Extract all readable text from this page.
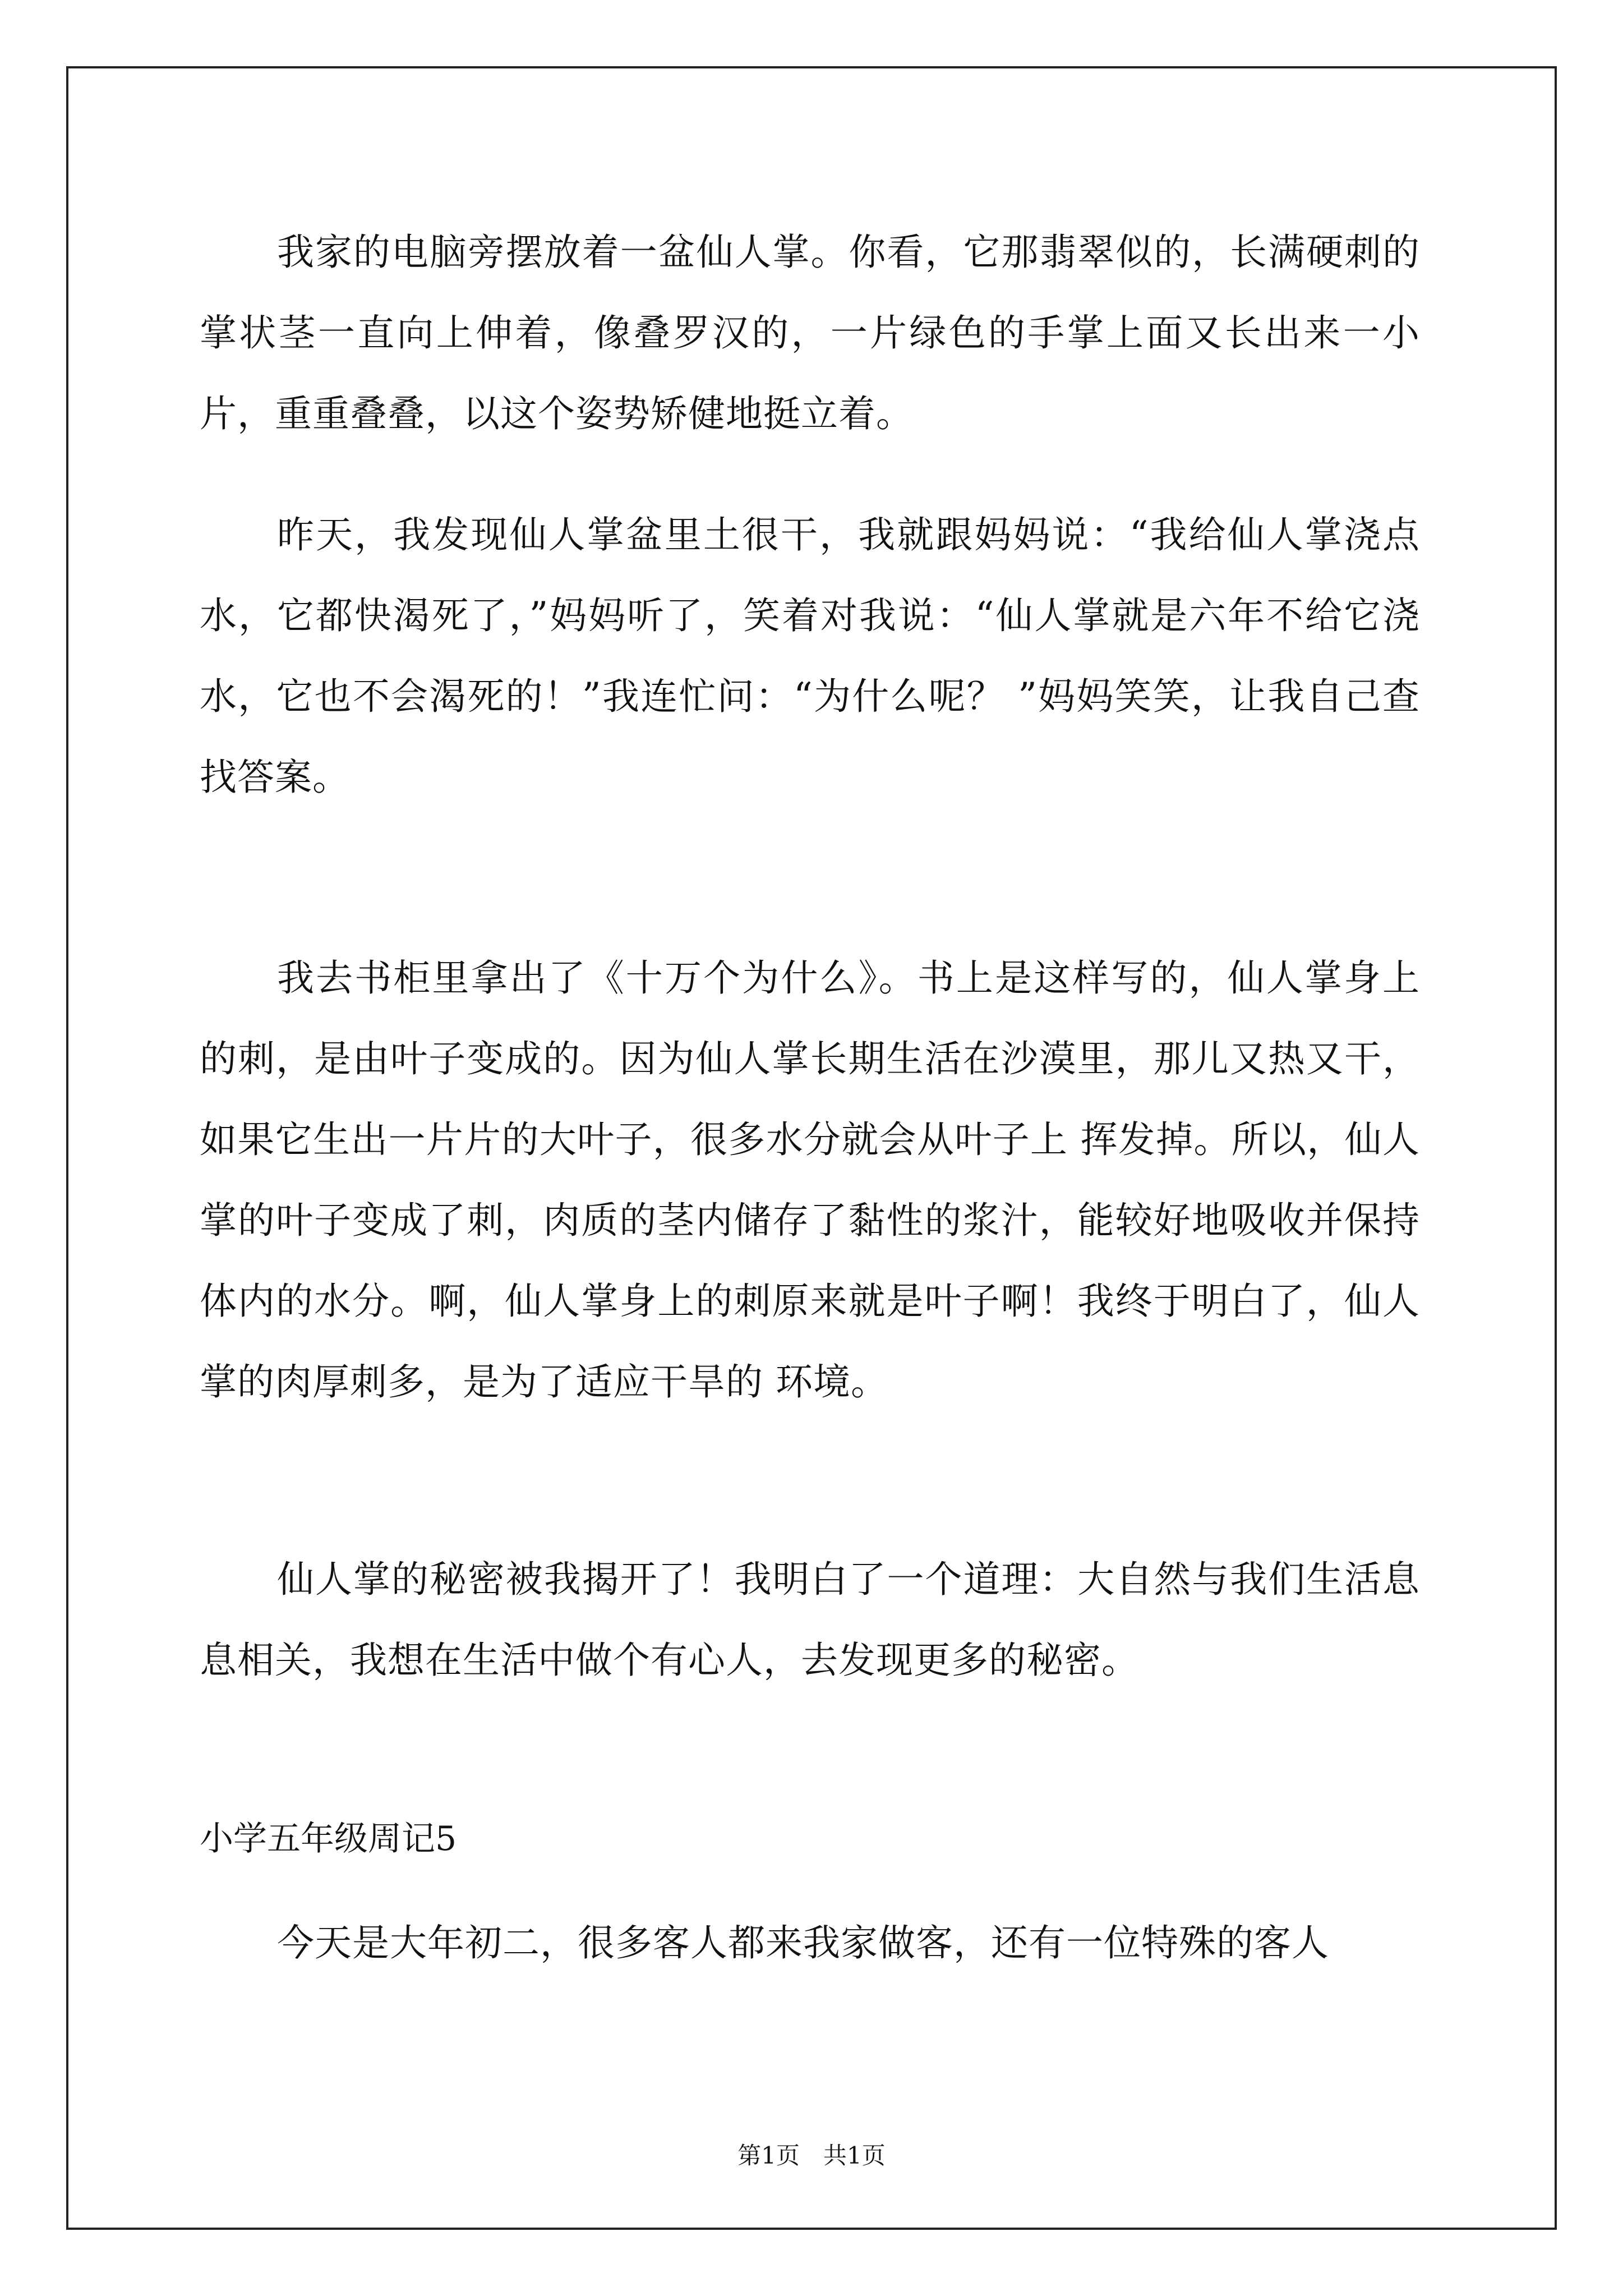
我家的电脑旁摆放着一盆仙人掌。你看，它那翡翠似的，长满硬刺的掌状茎一直向上伸着，像叠罗汉的，一片绿色的手掌上面又长出来一小片，重重叠叠，以这个姿势矫健地挺立着。

昨天，我发现仙人掌盆里土很干，我就跟妈妈说：“我给仙人掌浇点水，它都快渴死了，”妈妈听了，笑着对我说：“仙人掌就是六年不给它浇水，它也不会渴死的！”我连忙问：“为什么呢？ ”妈妈笑笑，让我自己查找答案。

我去书柜里拿出了《十万个为什么》。书上是这样写的，仙人掌身上的刺，是由叶子变成的。因为仙人掌长期生活在沙漠里，那儿又热又干，如果它生出一片片的大叶子，很多水分就会从叶子上 挥发掉。所以，仙人掌的叶子变成了刺，肉质的茎内储存了黏性的浆汁，能较好地吸收并保持体内的水分。啊，仙人掌身上的刺原来就是叶子啊！我终于明白了，仙人掌的肉厚刺多，是为了适应干旱的 环境。

仙人掌的秘密被我揭开了！我明白了一个道理：大自然与我们生活息息相关，我想在生活中做个有心人，去发现更多的秘密。

小学五年级周记5

今天是大年初二，很多客人都来我家做客，还有一位特殊的客人

第1页　共1页
